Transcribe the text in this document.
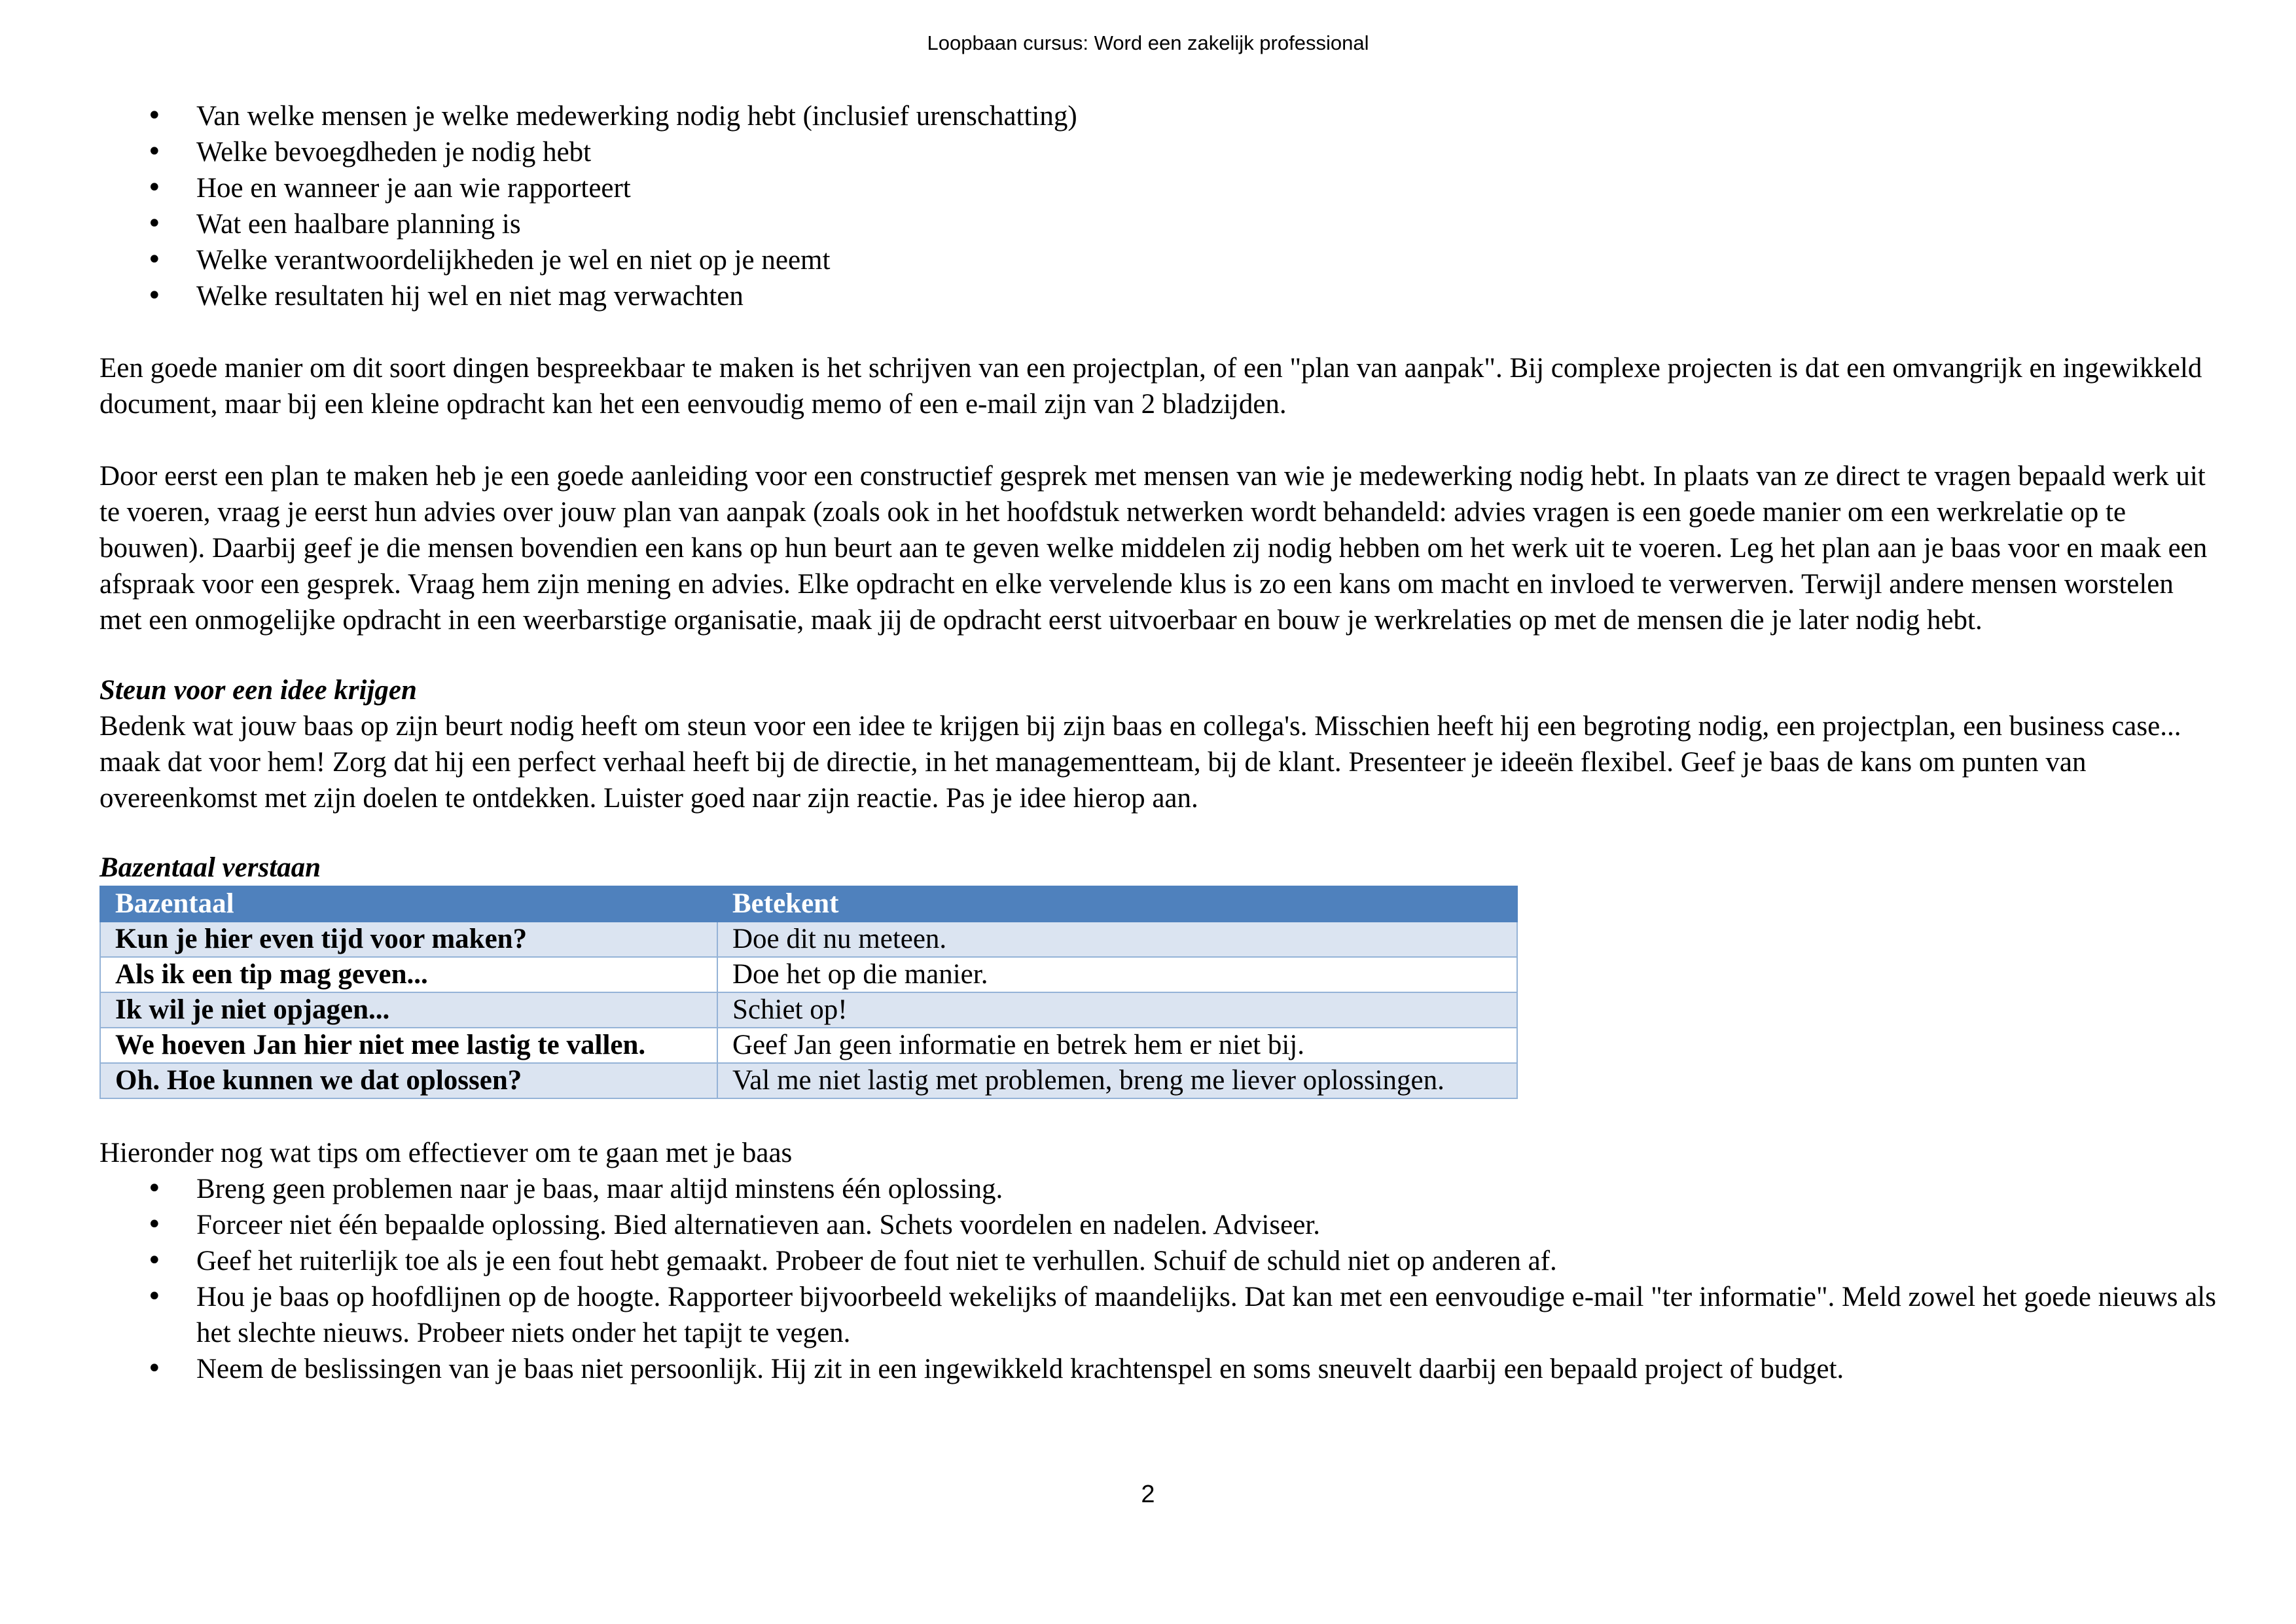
Loopbaan cursus: Word een zakelijk professional
• Van welke mensen je welke medewerking nodig hebt (inclusief urenschatting)
• Welke bevoegdheden je nodig hebt
• Hoe en wanneer je aan wie rapporteert
• Wat een haalbare planning is
• Welke verantwoordelijkheden je wel en niet op je neemt
• Welke resultaten hij wel en niet mag verwachten

Een goede manier om dit soort dingen bespreekbaar te maken is het schrijven van een projectplan, of een "plan van aanpak". Bij complexe projecten is dat een omvangrijk en ingewikkeld document, maar bij een kleine opdracht kan het een eenvoudig memo of een e-mail zijn van 2 bladzijden.

Door eerst een plan te maken heb je een goede aanleiding voor een constructief gesprek met mensen van wie je medewerking nodig hebt. In plaats van ze direct te vragen bepaald werk uit te voeren, vraag je eerst hun advies over jouw plan van aanpak (zoals ook in het hoofdstuk netwerken wordt behandeld: advies vragen is een goede manier om een werkrelatie op te bouwen). Daarbij geef je die mensen bovendien een kans op hun beurt aan te geven welke middelen zij nodig hebben om het werk uit te voeren. Leg het plan aan je baas voor en maak een afspraak voor een gesprek. Vraag hem zijn mening en advies. Elke opdracht en elke vervelende klus is zo een kans om macht en invloed te verwerven. Terwijl andere mensen worstelen met een onmogelijke opdracht in een weerbarstige organisatie, maak jij de opdracht eerst uitvoerbaar en bouw je werkrelaties op met de mensen die je later nodig hebt.

Steun voor een idee krijgen

Bedenk wat jouw baas op zijn beurt nodig heeft om steun voor een idee te krijgen bij zijn baas en collega's. Misschien heeft hij een begroting nodig, een projectplan, een business case... maak dat voor hem! Zorg dat hij een perfect verhaal heeft bij de directie, in het managementteam, bij de klant. Presenteer je ideeën flexibel. Geef je baas de kans om punten van overeenkomst met zijn doelen te ontdekken. Luister goed naar zijn reactie. Pas je idee hierop aan.

Bazentaal verstaan

Bazentaal	Betekent
Kun je hier even tijd voor maken?	Doe dit nu meteen.
Als ik een tip mag geven...	Doe het op die manier.
Ik wil je niet opjagen...	Schiet op!
We hoeven Jan hier niet mee lastig te vallen.	Geef Jan geen informatie en betrek hem er niet bij.
Oh. Hoe kunnen we dat oplossen?	Val me niet lastig met problemen, breng me liever oplossingen.

Hieronder nog wat tips om effectiever om te gaan met je baas

• Breng geen problemen naar je baas, maar altijd minstens één oplossing.
• Forceer niet één bepaalde oplossing. Bied alternatieven aan. Schets voordelen en nadelen. Adviseer.
• Geef het ruiterlijk toe als je een fout hebt gemaakt. Probeer de fout niet te verhullen. Schuif de schuld niet op anderen af.
• Hou je baas op hoofdlijnen op de hoogte. Rapporteer bijvoorbeeld wekelijks of maandelijks. Dat kan met een eenvoudige e-mail "ter informatie". Meld zowel het goede nieuws als het slechte nieuws. Probeer niets onder het tapijt te vegen.
• Neem de beslissingen van je baas niet persoonlijk. Hij zit in een ingewikkeld krachtenspel en soms sneuvelt daarbij een bepaald project of budget.
2
